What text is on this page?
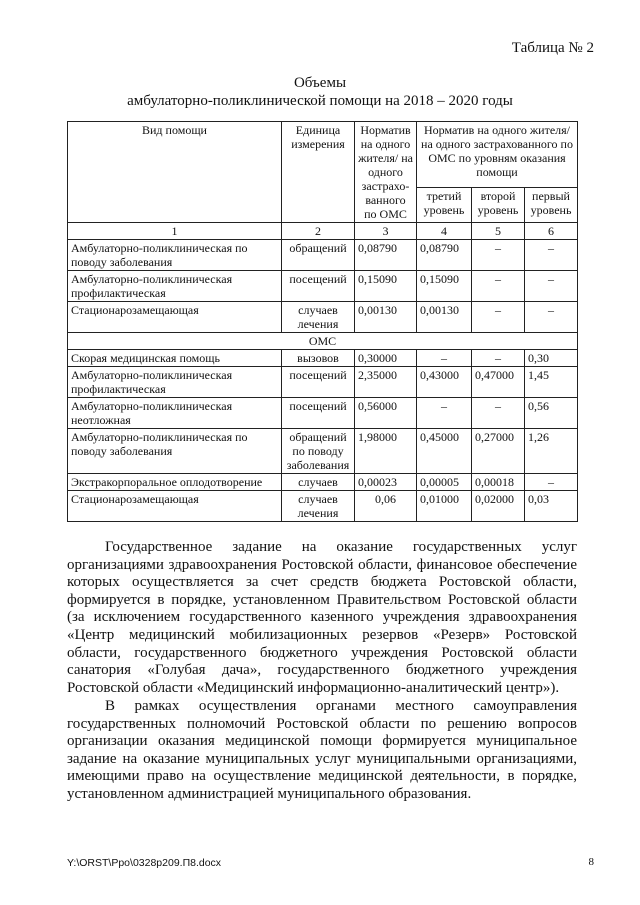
Таблица № 2
Объемы
амбулаторно-поликлинической помощи на 2018 – 2020 годы
Вид помощи	Единица измерения	Норматив на одного жителя/ на одного застрахо-ванного по ОМС	Норматив на одного жителя/ на одного застрахованного по ОМС по уровням оказания помощи		
			третий уровень	второй уровень	первый уровень
1	2	3	4	5	6
Амбулаторно-поликлиническая по поводу заболевания	обращений	0,08790	0,08790	–	–
Амбулаторно-поликлиническая профилактическая	посещений	0,15090	0,15090	–	–
Стационарозамещающая	случаев лечения	0,00130	0,00130	–	–
ОМС					
Скорая медицинская помощь	вызовов	0,30000	–	–	0,30
Амбулаторно-поликлиническая профилактическая	посещений	2,35000	0,43000	0,47000	1,45
Амбулаторно-поликлиническая неотложная	посещений	0,56000	–	–	0,56
Амбулаторно-поликлиническая по поводу заболевания	обращений по поводу заболевания	1,98000	0,45000	0,27000	1,26
Экстракорпоральное оплодотворение	случаев	0,00023	0,00005	0,00018	–
Стационарозамещающая	случаев лечения	0,06	0,01000	0,02000	0,03

Государственное задание на оказание государственных услуг организациями здравоохранения Ростовской области, финансовое обеспечение которых осуществляется за счет средств бюджета Ростовской области, формируется в порядке, установленном Правительством Ростовской области (за исключением государственного казенного учреждения здравоохранения «Центр медицинский мобилизационных резервов «Резерв» Ростовской области, государственного бюджетного учреждения Ростовской области санатория «Голубая дача», государственного бюджетного учреждения Ростовской области «Медицинский информационно-аналитический центр»).

В рамках осуществления органами местного самоуправления государственных полномочий Ростовской области по решению вопросов организации оказания медицинской помощи формируется муниципальное задание на оказание муниципальных услуг муниципальными организациями, имеющими право на осуществление медицинской деятельности, в порядке, установленном администрацией муниципального образования.

Y:\ORST\Ppo\0328p209.П8.docx	8
